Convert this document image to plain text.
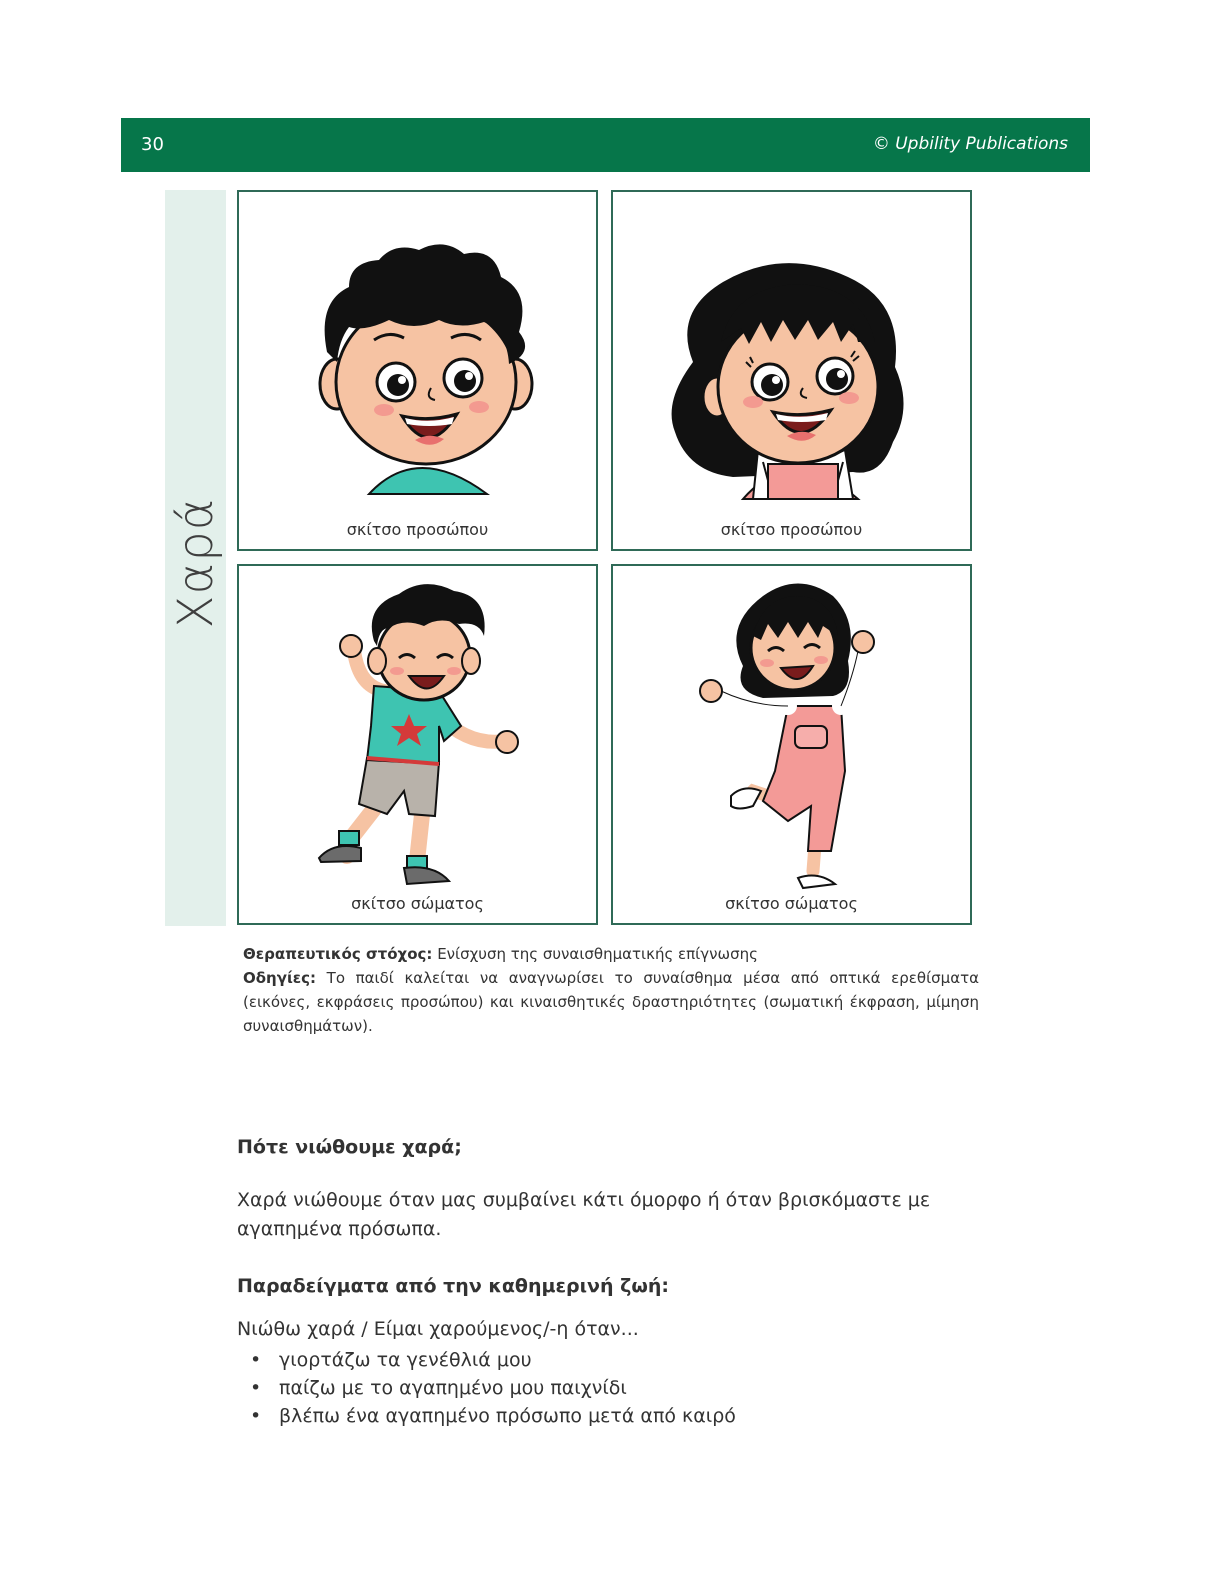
30	© Upbility Publications
Χαρά	σκίτσο προσώπου	σκίτσο προσώπου
σκίτσο σώματος	σκίτσο σώματος
Θεραπευτικός στόχος: Ενίσχυση της συναισθηματικής επίγνωσης
Οδηγίες: Το παιδί καλείται να αναγνωρίσει το συναίσθημα μέσα από οπτικά ερεθίσματα (εικόνες, εκφράσεις προσώπου) και κιναισθητικές δραστηριότητες (σωματική έκφραση, μίμηση συναισθημάτων).
Πότε νιώθουμε χαρά;
Χαρά νιώθουμε όταν μας συμβαίνει κάτι όμορφο ή όταν βρισκόμαστε με αγαπημένα πρόσωπα.
Παραδείγματα από την καθημερινή ζωή:
Νιώθω χαρά / Είμαι χαρούμενος/-η όταν...
• γιορτάζω τα γενέθλιά μου
• παίζω με το αγαπημένο μου παιχνίδι
• βλέπω ένα αγαπημένο πρόσωπο μετά από καιρό
